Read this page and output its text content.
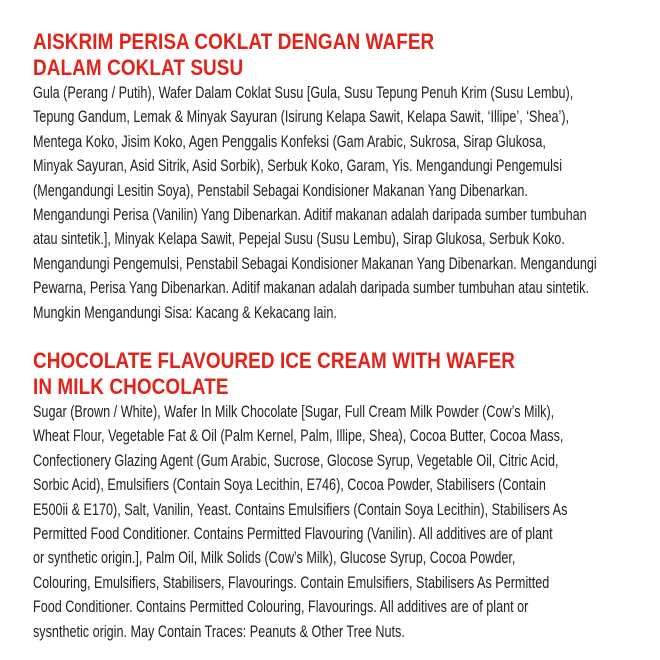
AISKRIM PERISA COKLAT DENGAN WAFER
DALAM COKLAT SUSU
Gula (Perang / Putih), Wafer Dalam Coklat Susu [Gula, Susu Tepung Penuh Krim (Susu Lembu),
Tepung Gandum, Lemak & Minyak Sayuran (Isirung Kelapa Sawit, Kelapa Sawit, ‘Illipe’, ‘Shea’),
Mentega Koko, Jisim Koko, Agen Penggalis Konfeksi (Gam Arabic, Sukrosa, Sirap Glukosa,
Minyak Sayuran, Asid Sitrik, Asid Sorbik), Serbuk Koko, Garam, Yis. Mengandungi Pengemulsi
(Mengandungi Lesitin Soya), Penstabil Sebagai Kondisioner Makanan Yang Dibenarkan.
Mengandungi Perisa (Vanilin) Yang Dibenarkan. Aditif makanan adalah daripada sumber tumbuhan
atau sintetik.], Minyak Kelapa Sawit, Pepejal Susu (Susu Lembu), Sirap Glukosa, Serbuk Koko.
Mengandungi Pengemulsi, Penstabil Sebagai Kondisioner Makanan Yang Dibenarkan. Mengandungi
Pewarna, Perisa Yang Dibenarkan. Aditif makanan adalah daripada sumber tumbuhan atau sintetik.
Mungkin Mengandungi Sisa: Kacang & Kekacang lain.
CHOCOLATE FLAVOURED ICE CREAM WITH WAFER
IN MILK CHOCOLATE
Sugar (Brown / White), Wafer In Milk Chocolate [Sugar, Full Cream Milk Powder (Cow’s Milk),
Wheat Flour, Vegetable Fat & Oil (Palm Kernel, Palm, Illipe, Shea), Cocoa Butter, Cocoa Mass,
Confectionery Glazing Agent (Gum Arabic, Sucrose, Glocose Syrup, Vegetable Oil, Citric Acid,
Sorbic Acid), Emulsifiers (Contain Soya Lecithin, E746), Cocoa Powder, Stabilisers (Contain
E500ii & E170), Salt, Vanilin, Yeast. Contains Emulsifiers (Contain Soya Lecithin), Stabilisers As
Permitted Food Conditioner. Contains Permitted Flavouring (Vanilin). All additives are of plant
or synthetic origin.], Palm Oil, Milk Solids (Cow’s Milk), Glucose Syrup, Cocoa Powder,
Colouring, Emulsifiers, Stabilisers, Flavourings. Contain Emulsifiers, Stabilisers As Permitted
Food Conditioner. Contains Permitted Colouring, Flavourings. All additives are of plant or
sysnthetic origin. May Contain Traces: Peanuts & Other Tree Nuts.
